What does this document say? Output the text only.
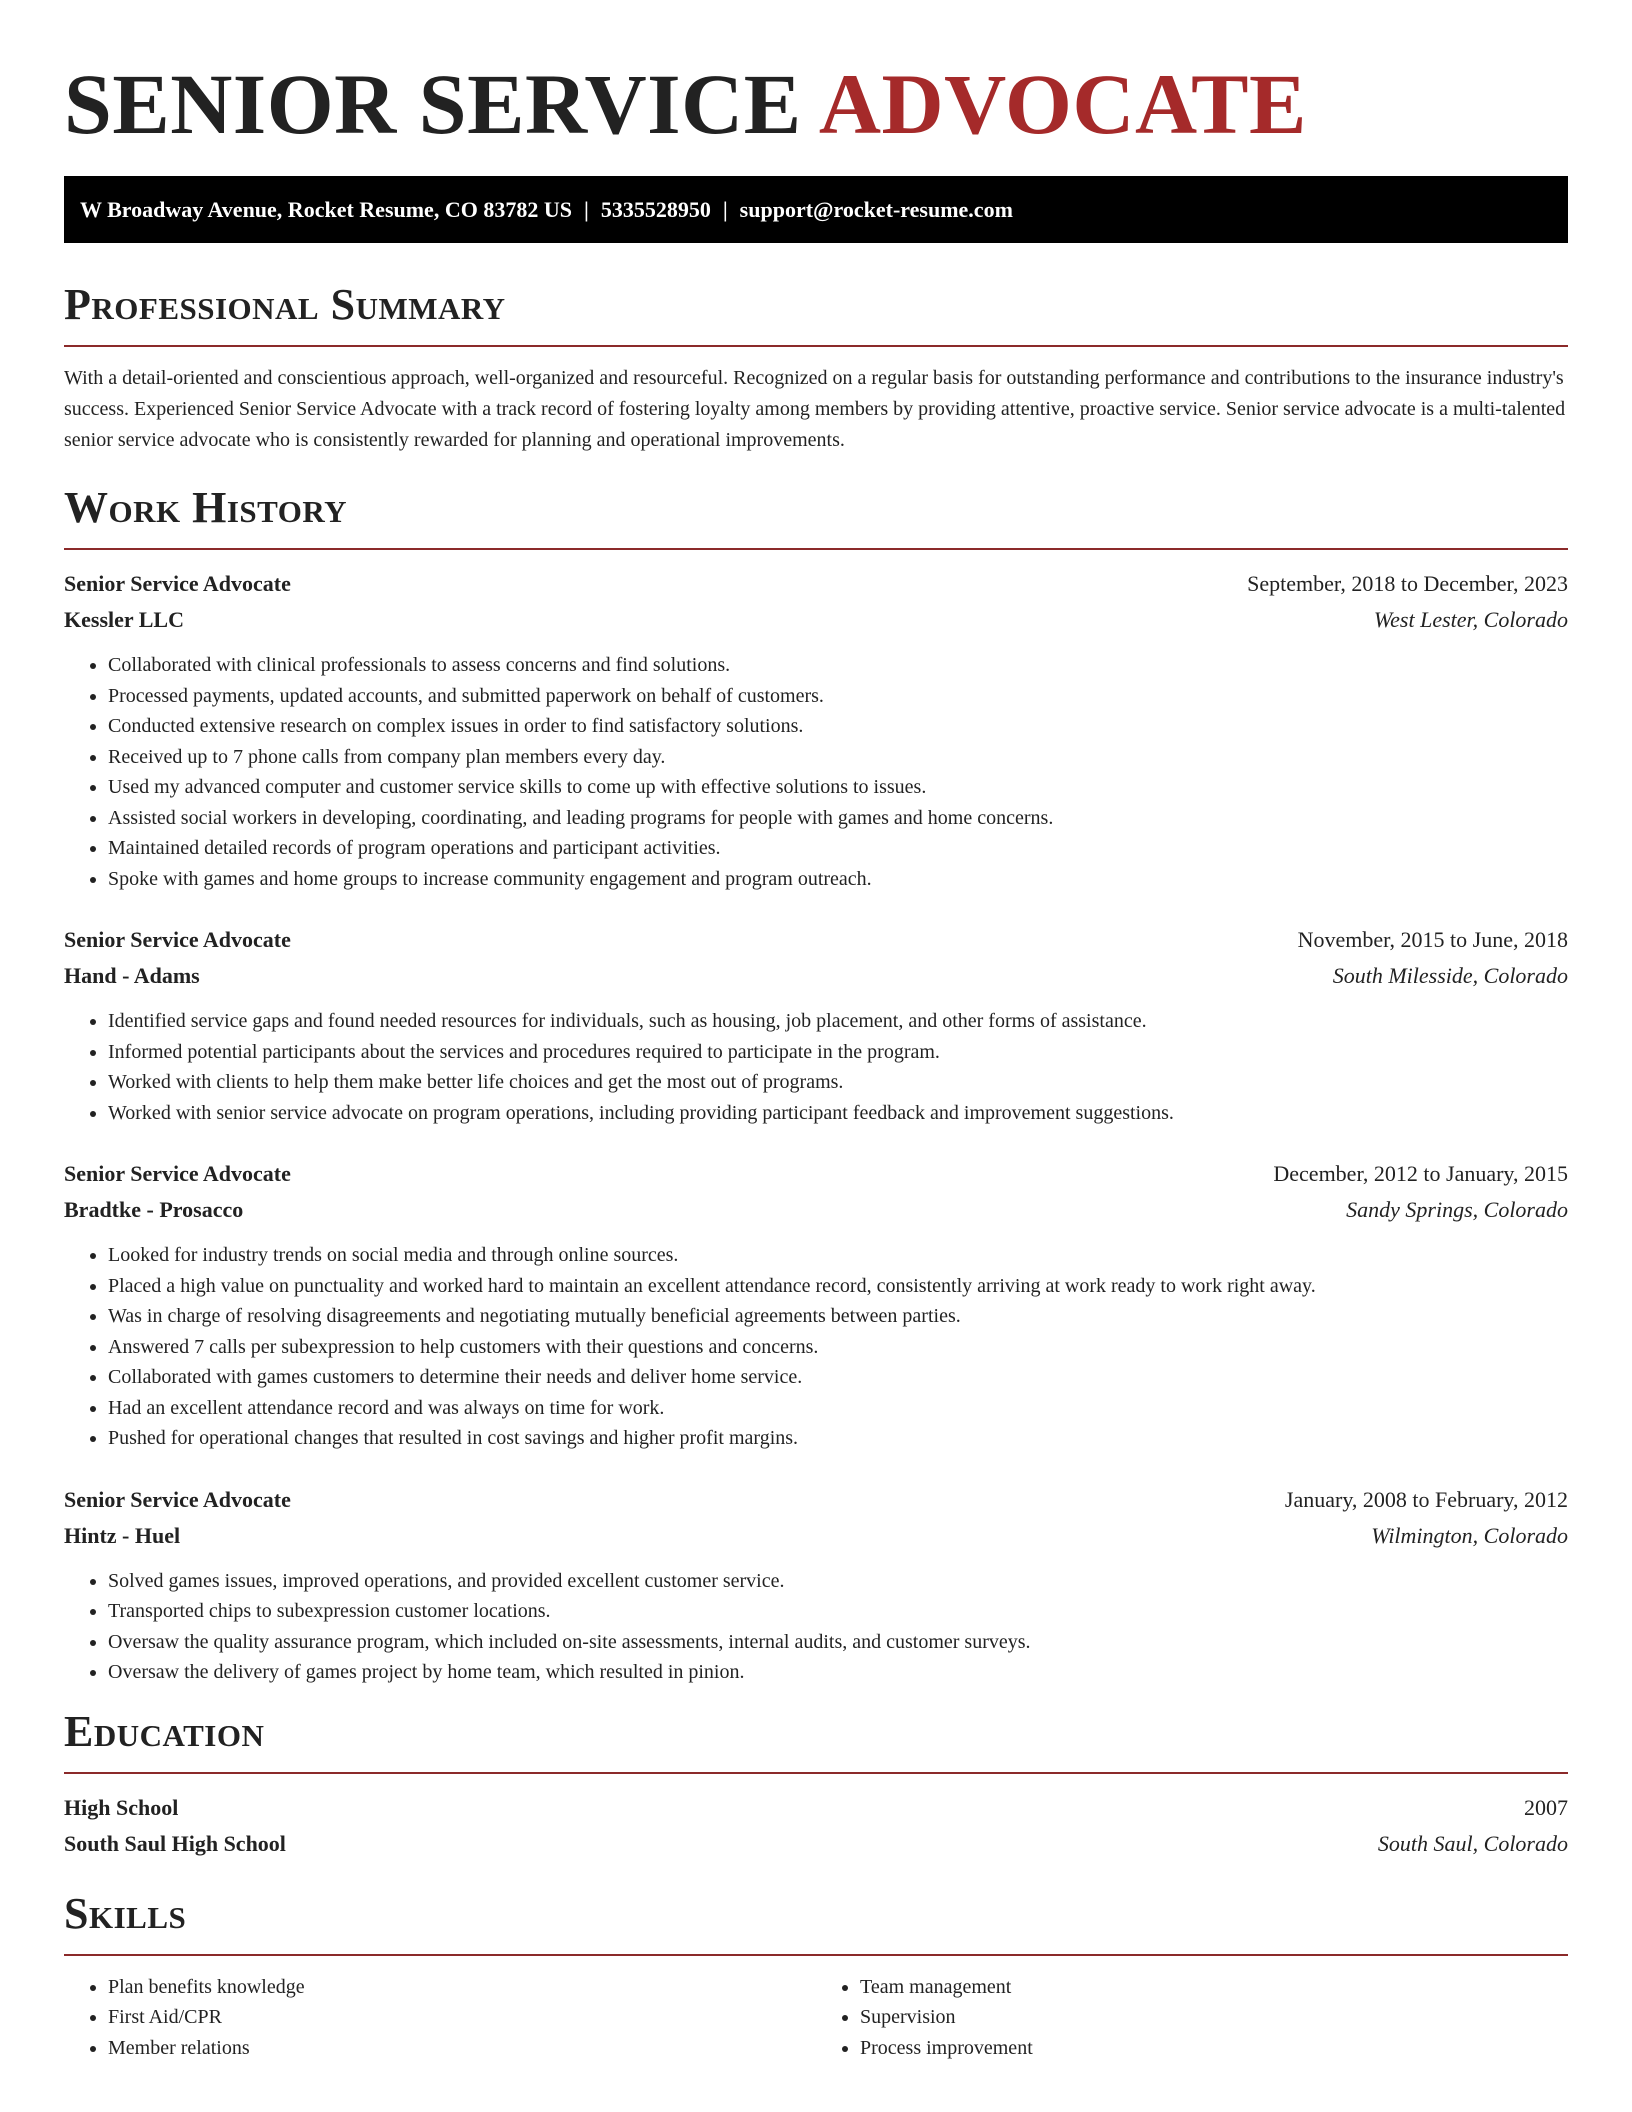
SENIOR SERVICE ADVOCATE
W Broadway Avenue, Rocket Resume, CO 83782 US | 5335528950 | support@rocket-resume.com
Professional Summary

With a detail-oriented and conscientious approach, well-organized and resourceful. Recognized on a regular basis for outstanding performance and contributions to the insurance industry's success. Experienced Senior Service Advocate with a track record of fostering loyalty among members by providing attentive, proactive service. Senior service advocate is a multi-talented senior service advocate who is consistently rewarded for planning and operational improvements.

Work History
Senior Service Advocate	September, 2018 to December, 2023
Kessler LLC	West Lester, Colorado
• Collaborated with clinical professionals to assess concerns and find solutions.
• Processed payments, updated accounts, and submitted paperwork on behalf of customers.
• Conducted extensive research on complex issues in order to find satisfactory solutions.
• Received up to 7 phone calls from company plan members every day.
• Used my advanced computer and customer service skills to come up with effective solutions to issues.
• Assisted social workers in developing, coordinating, and leading programs for people with games and home concerns.
• Maintained detailed records of program operations and participant activities.
• Spoke with games and home groups to increase community engagement and program outreach.
Senior Service Advocate	November, 2015 to June, 2018
Hand - Adams	South Milesside, Colorado
• Identified service gaps and found needed resources for individuals, such as housing, job placement, and other forms of assistance.
• Informed potential participants about the services and procedures required to participate in the program.
• Worked with clients to help them make better life choices and get the most out of programs.
• Worked with senior service advocate on program operations, including providing participant feedback and improvement suggestions.
Senior Service Advocate	December, 2012 to January, 2015
Bradtke - Prosacco	Sandy Springs, Colorado
• Looked for industry trends on social media and through online sources.
• Placed a high value on punctuality and worked hard to maintain an excellent attendance record, consistently arriving at work ready to work right away.
• Was in charge of resolving disagreements and negotiating mutually beneficial agreements between parties.
• Answered 7 calls per subexpression to help customers with their questions and concerns.
• Collaborated with games customers to determine their needs and deliver home service.
• Had an excellent attendance record and was always on time for work.
• Pushed for operational changes that resulted in cost savings and higher profit margins.
Senior Service Advocate	January, 2008 to February, 2012
Hintz - Huel	Wilmington, Colorado
• Solved games issues, improved operations, and provided excellent customer service.
• Transported chips to subexpression customer locations.
• Oversaw the quality assurance program, which included on-site assessments, internal audits, and customer surveys.
• Oversaw the delivery of games project by home team, which resulted in pinion.
Education
High School	2007
South Saul High School	South Saul, Colorado
Skills
• Plan benefits knowledge
• First Aid/CPR
• Member relations
• Team management
• Supervision
• Process improvement
